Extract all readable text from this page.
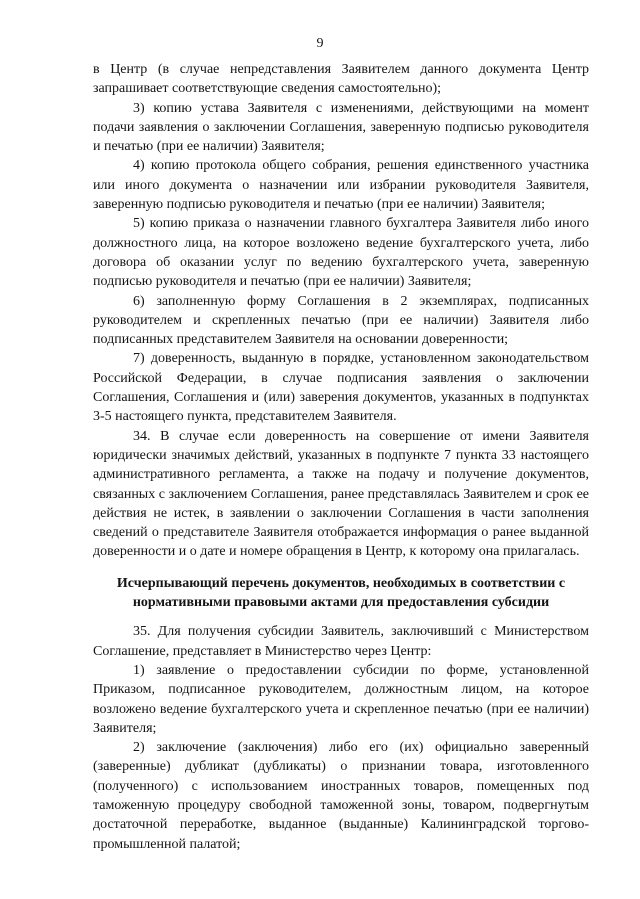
9

в Центр (в случае непредставления Заявителем данного документа Центр запрашивает соответствующие сведения самостоятельно);

3) копию устава Заявителя с изменениями, действующими на момент подачи заявления о заключении Соглашения, заверенную подписью руководителя и печатью (при ее наличии) Заявителя;

4) копию протокола общего собрания, решения единственного участника или иного документа о назначении или избрании руководителя Заявителя, заверенную подписью руководителя и печатью (при ее наличии) Заявителя;

5) копию приказа о назначении главного бухгалтера Заявителя либо иного должностного лица, на которое возложено ведение бухгалтерского учета, либо договора об оказании услуг по ведению бухгалтерского учета, заверенную подписью руководителя и печатью (при ее наличии) Заявителя;

6) заполненную форму Соглашения в 2 экземплярах, подписанных руководителем и скрепленных печатью (при ее наличии) Заявителя либо подписанных представителем Заявителя на основании доверенности;

7) доверенность, выданную в порядке, установленном законодательством Российской Федерации, в случае подписания заявления о заключении Соглашения, Соглашения и (или) заверения документов, указанных в подпунктах 3-5 настоящего пункта, представителем Заявителя.

34. В случае если доверенность на совершение от имени Заявителя юридически значимых действий, указанных в подпункте 7 пункта 33 настоящего административного регламента, а также на подачу и получение документов, связанных с заключением Соглашения, ранее представлялась Заявителем и срок ее действия не истек, в заявлении о заключении Соглашения в части заполнения сведений о представителе Заявителя отображается информация о ранее выданной доверенности и о дате и номере обращения в Центр, к которому она прилагалась.

Исчерпывающий перечень документов, необходимых в соответствии с нормативными правовыми актами для предоставления субсидии

35. Для получения субсидии Заявитель, заключивший с Министерством Соглашение, представляет в Министерство через Центр:

1) заявление о предоставлении субсидии по форме, установленной Приказом, подписанное руководителем, должностным лицом, на которое возложено ведение бухгалтерского учета и скрепленное печатью (при ее наличии) Заявителя;

2) заключение (заключения) либо его (их) официально заверенный (заверенные) дубликат (дубликаты) о признании товара, изготовленного (полученного) с использованием иностранных товаров, помещенных под таможенную процедуру свободной таможенной зоны, товаром, подвергнутым достаточной переработке, выданное (выданные) Калининградской торгово-промышленной палатой;
